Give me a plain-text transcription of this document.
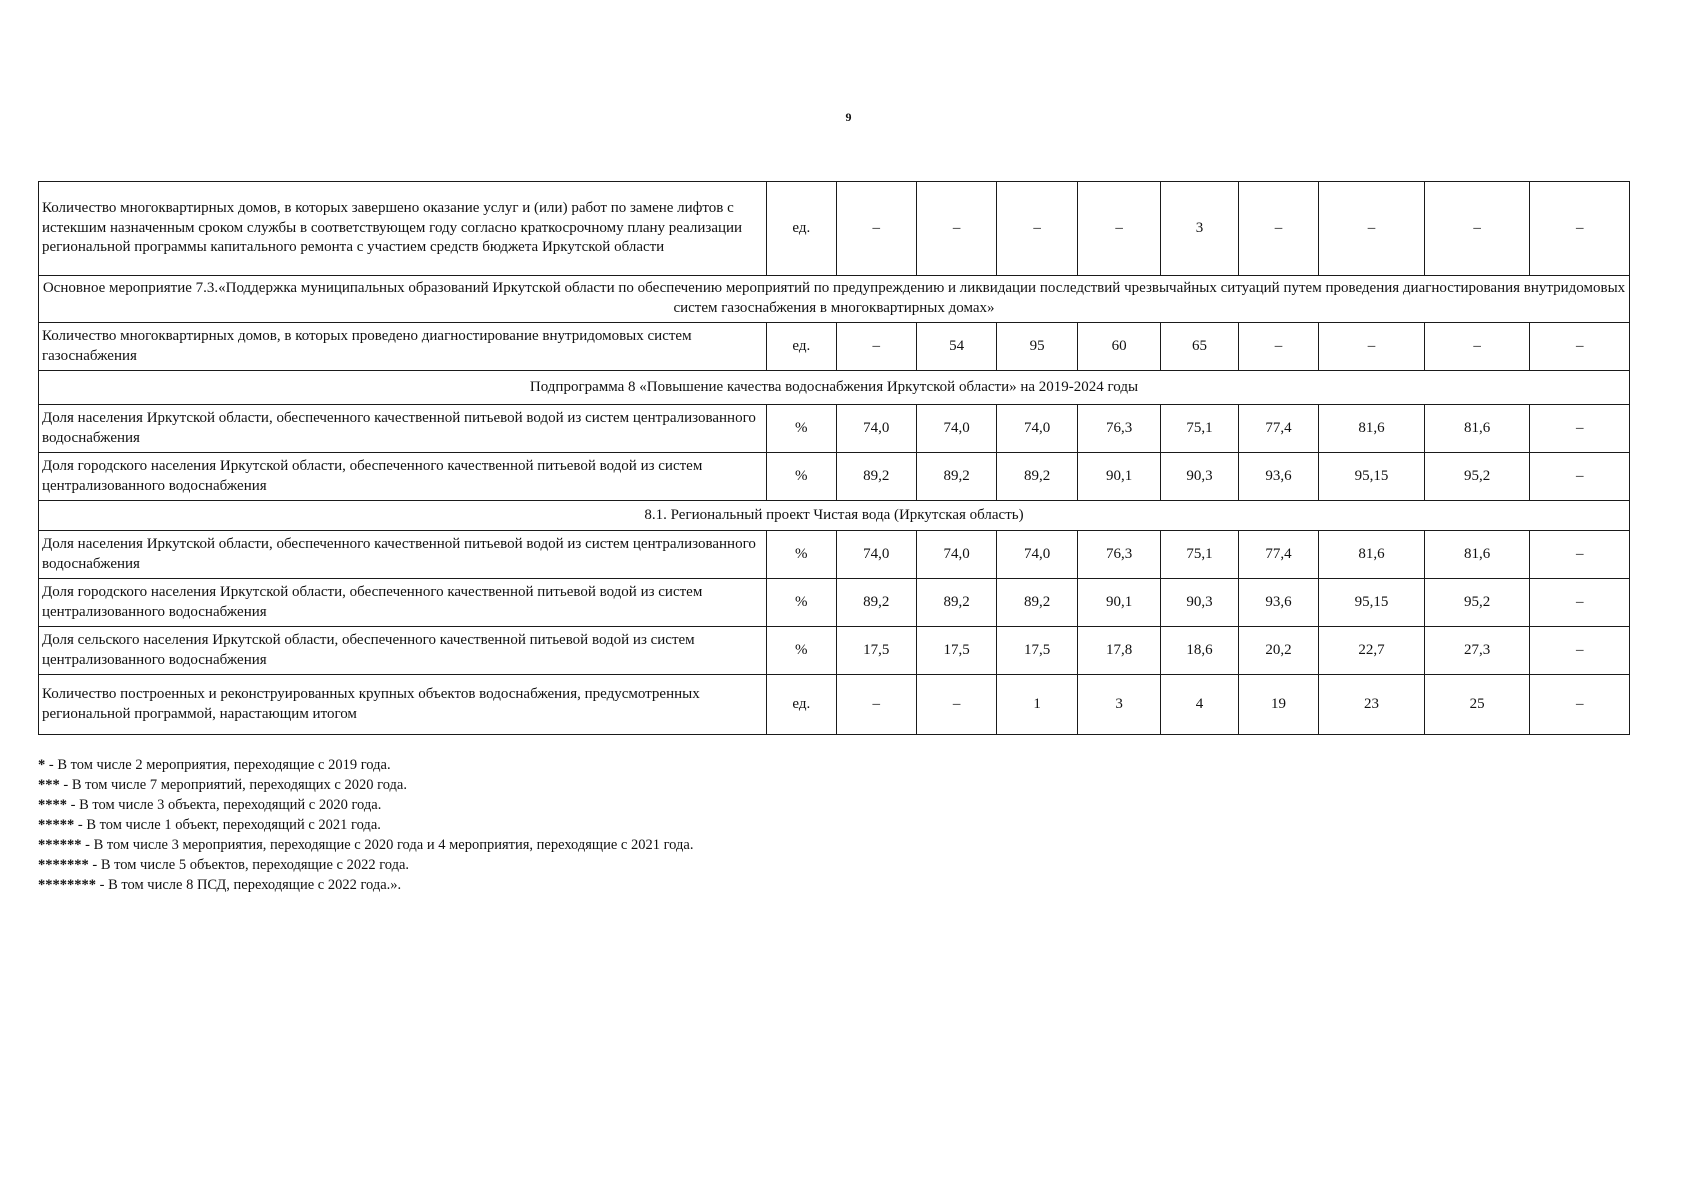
9
Количество многоквартирных домов, в которых завершено оказание услуг и (или) работ по замене лифтов с истекшим назначенным сроком службы в соответствующем году согласно краткосрочному плану реализации региональной программы капитального ремонта с участием средств бюджета Иркутской области	ед.	–	–	–	–	3	–	–	–	–
Основное мероприятие 7.3.«Поддержка муниципальных образований Иркутской области по обеспечению мероприятий по предупреждению и ликвидации последствий чрезвычайных ситуаций путем проведения диагностирования внутридомовых систем газоснабжения в многоквартирных домах»										
Количество многоквартирных домов, в которых проведено диагностирование внутридомовых систем газоснабжения	ед.	–	54	95	60	65	–	–	–	–
Подпрограмма 8 «Повышение качества водоснабжения Иркутской области» на 2019-2024 годы										
Доля населения Иркутской области, обеспеченного качественной питьевой водой из систем централизованного водоснабжения	%	74,0	74,0	74,0	76,3	75,1	77,4	81,6	81,6	–
Доля городского населения Иркутской области, обеспеченного качественной питьевой водой из систем централизованного водоснабжения	%	89,2	89,2	89,2	90,1	90,3	93,6	95,15	95,2	–
8.1. Региональный проект Чистая вода (Иркутская область)										
Доля населения Иркутской области, обеспеченного качественной питьевой водой из систем централизованного водоснабжения	%	74,0	74,0	74,0	76,3	75,1	77,4	81,6	81,6	–
Доля городского населения Иркутской области, обеспеченного качественной питьевой водой из систем централизованного водоснабжения	%	89,2	89,2	89,2	90,1	90,3	93,6	95,15	95,2	–
Доля сельского населения Иркутской области, обеспеченного качественной питьевой водой из систем централизованного водоснабжения	%	17,5	17,5	17,5	17,8	18,6	20,2	22,7	27,3	–
Количество построенных и реконструированных крупных объектов водоснабжения, предусмотренных региональной программой, нарастающим итогом	ед.	–	–	1	3	4	19	23	25	–
* - В том числе 2 мероприятия, переходящие с 2019 года.
*** - В том числе 7 мероприятий, переходящих с 2020 года.
**** - В том числе 3 объекта, переходящий с 2020 года.
***** - В том числе 1 объект, переходящий с 2021 года.
****** - В том числе 3 мероприятия, переходящие с 2020 года и 4 мероприятия, переходящие с 2021 года.
******* - В том числе 5 объектов, переходящие с 2022 года.
******** - В том числе 8 ПСД, переходящие с 2022 года.».
